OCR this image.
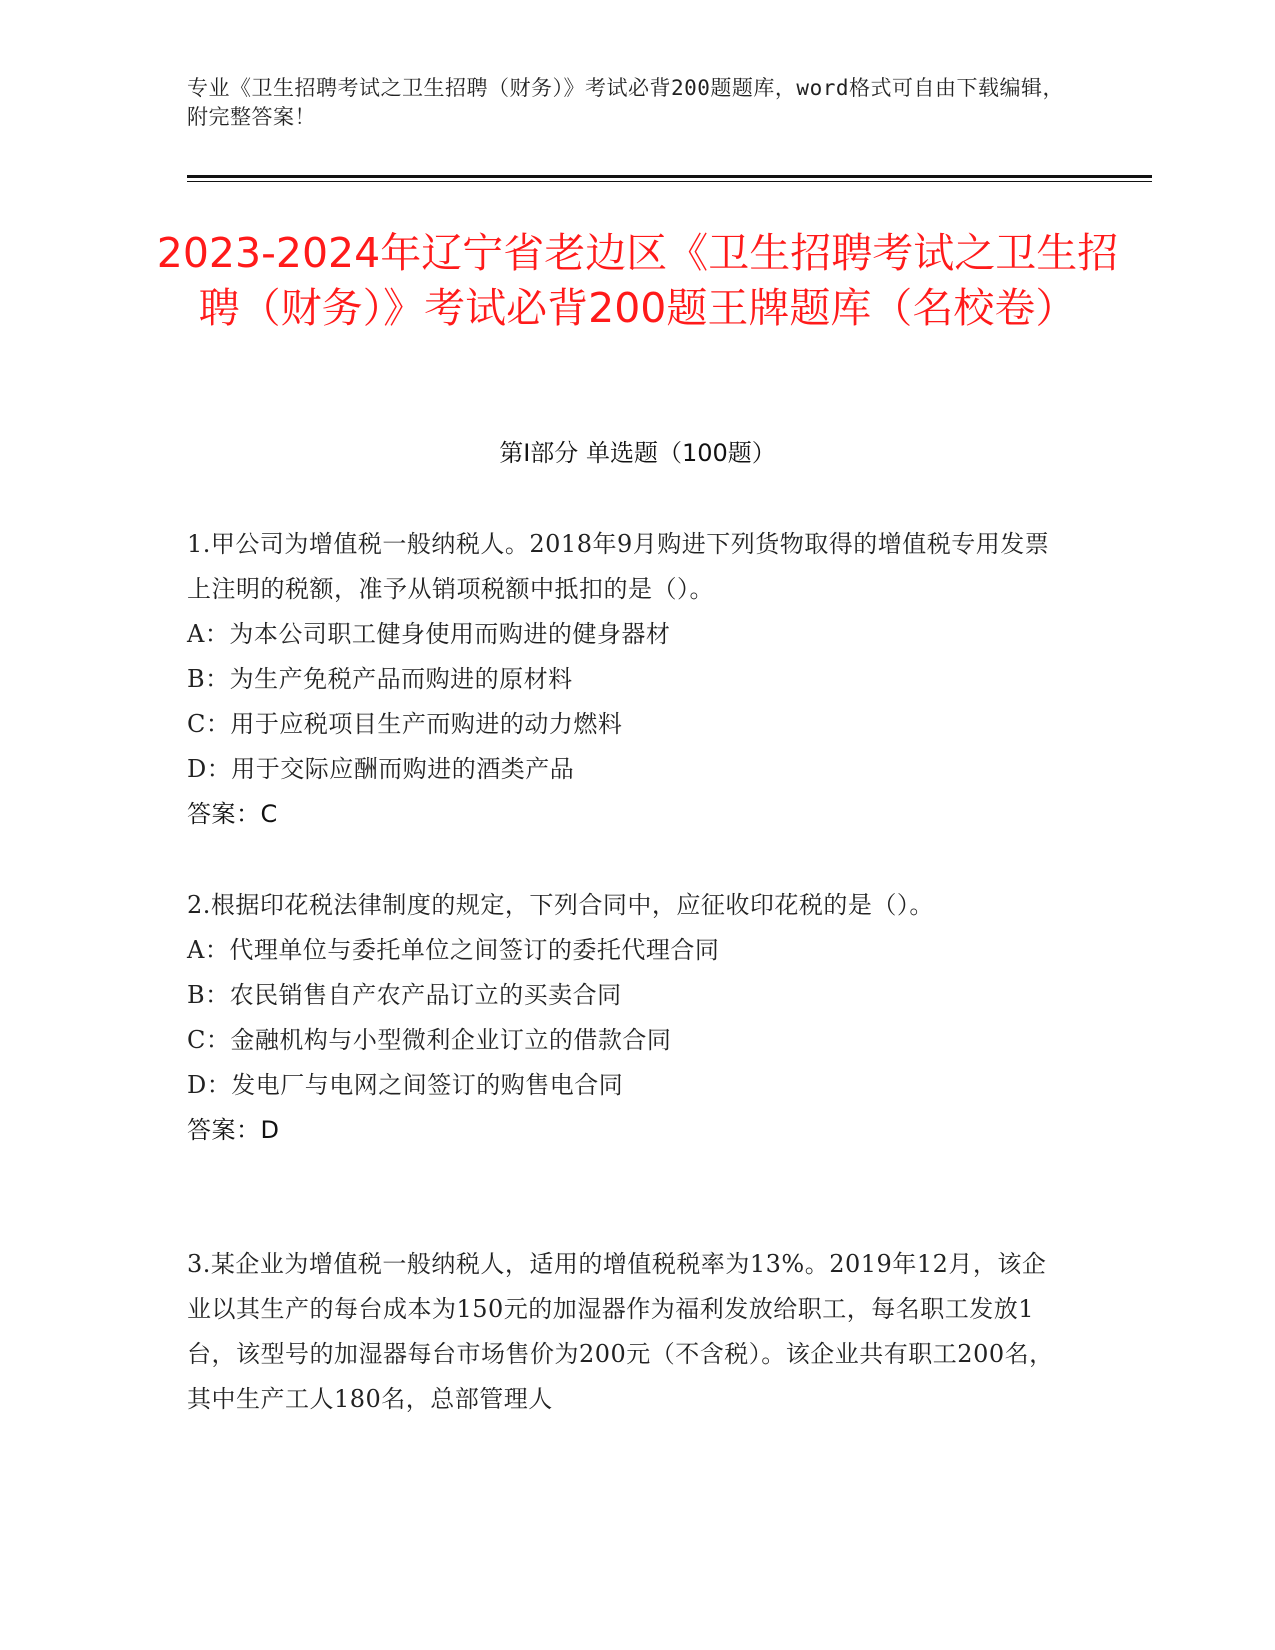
专业《卫生招聘考试之卫生招聘（财务）》考试必背200题题库，word格式可自由下载编辑，附完整答案！
2023-2024年辽宁省老边区《卫生招聘考试之卫生招聘（财务）》考试必背200题王牌题库（名校卷）
第Ⅰ部分 单选题（100题）
1.甲公司为增值税一般纳税人。2018年9月购进下列货物取得的增值税专用发票上注明的税额，准予从销项税额中抵扣的是（）。
A：为本公司职工健身使用而购进的健身器材
B：为生产免税产品而购进的原材料
C：用于应税项目生产而购进的动力燃料
D：用于交际应酬而购进的酒类产品
答案：C
2.根据印花税法律制度的规定，下列合同中，应征收印花税的是（）。
A：代理单位与委托单位之间签订的委托代理合同
B：农民销售自产农产品订立的买卖合同
C：金融机构与小型微利企业订立的借款合同
D：发电厂与电网之间签订的购售电合同
答案：D
3.某企业为增值税一般纳税人，适用的增值税税率为13%。2019年12月，该企业以其生产的每台成本为150元的加湿器作为福利发放给职工，每名职工发放1台，该型号的加湿器每台市场售价为200元（不含税）。该企业共有职工200名，其中生产工人180名，总部管理人
